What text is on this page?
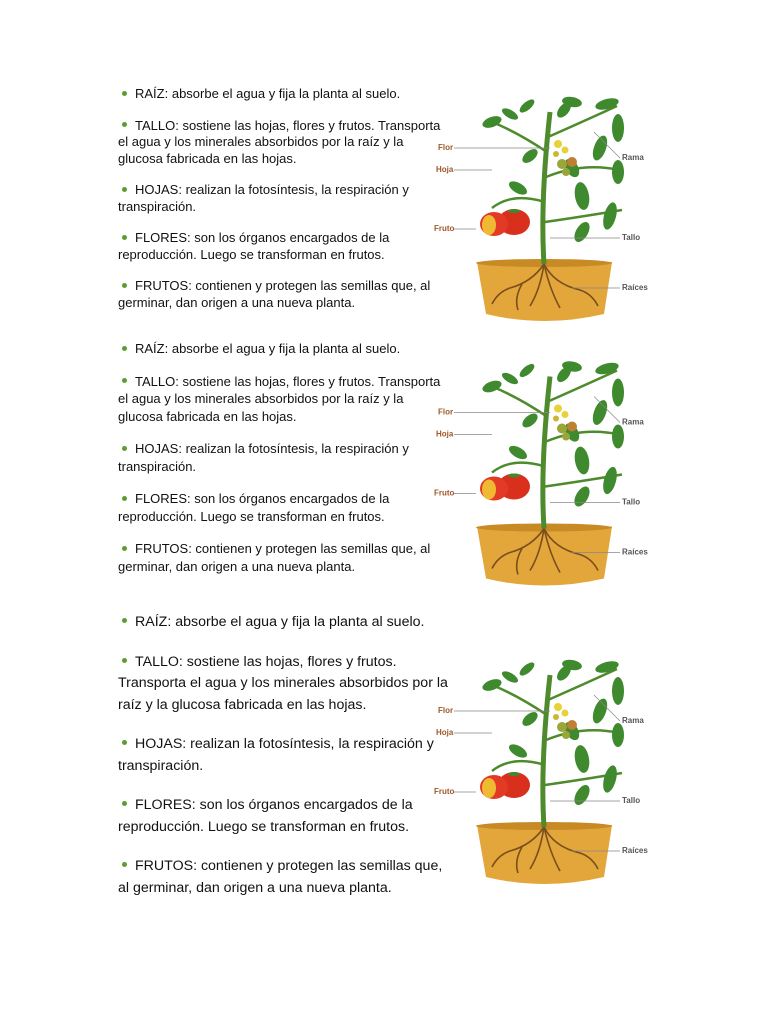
RAÍZ: absorbe el agua y fija la planta al suelo.
TALLO: sostiene las hojas, flores y frutos. Transporta el agua y los minerales absorbidos por la raíz y la glucosa fabricada en las hojas.
HOJAS: realizan la fotosíntesis, la respiración y transpiración.
FLORES: son los órganos encargados de la reproducción. Luego se transforman en frutos.
FRUTOS: contienen y protegen las semillas que, al germinar, dan origen a una nueva planta.
RAÍZ: absorbe el agua y fija la planta al suelo.
TALLO: sostiene las hojas, flores y frutos. Transporta el agua y los minerales absorbidos por la raíz y la glucosa fabricada en las hojas.
HOJAS: realizan la fotosíntesis, la respiración y transpiración.
FLORES: son los órganos encargados de la reproducción. Luego se transforman en frutos.
FRUTOS: contienen y protegen las semillas que, al germinar, dan origen a una nueva planta.
RAÍZ: absorbe el agua y fija la planta al suelo.
TALLO: sostiene las hojas, flores y frutos. Transporta el agua y los minerales absorbidos por la raíz y la glucosa fabricada en las hojas.
HOJAS: realizan la fotosíntesis, la respiración y transpiración.
FLORES: son los órganos encargados de la reproducción. Luego se transforman en frutos.
FRUTOS: contienen y protegen las semillas que, al germinar, dan origen a una nueva planta.
Flor
Hoja
Fruto
Rama
Tallo
Raíces
Flor
Hoja
Fruto
Rama
Tallo
Raíces
Flor
Hoja
Fruto
Rama
Tallo
Raíces
